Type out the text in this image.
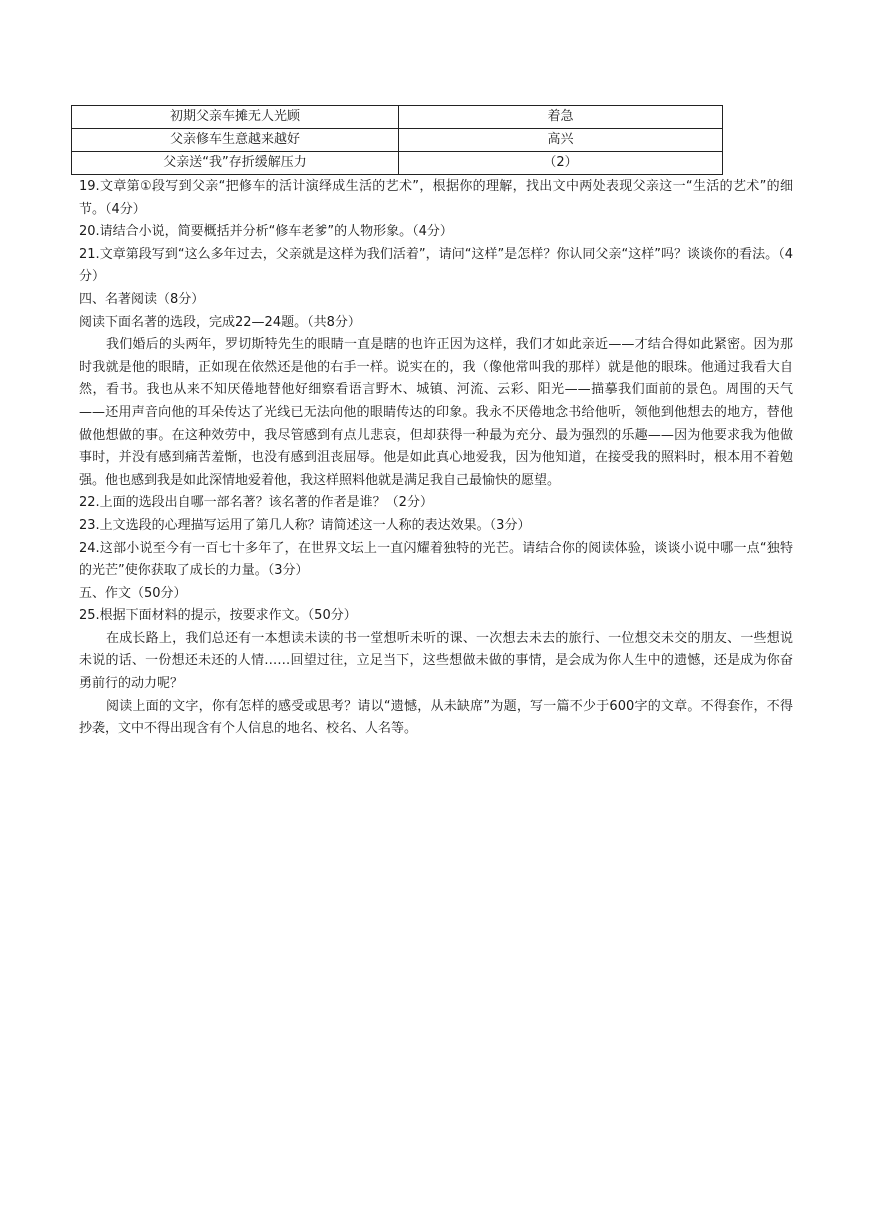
初期父亲车摊无人光顾	着急
父亲修车生意越来越好	高兴
父亲送“我”存折缓解压力	（2）

19.文章第①段写到父亲“把修车的活计演绎成生活的艺术”，根据你的理解，找出文中两处表现父亲这一“生活的艺术”的细节。（4分）

20.请结合小说，简要概括并分析“修车老爹”的人物形象。（4分）

21.文章第段写到“这么多年过去，父亲就是这样为我们活着”，请问“这样”是怎样？你认同父亲“这样”吗？谈谈你的看法。（4分）

四、名著阅读（8分）

阅读下面名著的选段，完成22—24题。（共8分）

我们婚后的头两年，罗切斯特先生的眼睛一直是瞎的也许正因为这样，我们才如此亲近——才结合得如此紧密。因为那时我就是他的眼睛，正如现在依然还是他的右手一样。说实在的，我（像他常叫我的那样）就是他的眼珠。他通过我看大自然，看书。我也从来不知厌倦地替他好细察看语言野木、城镇、河流、云彩、阳光——描摹我们面前的景色。周围的天气——还用声音向他的耳朵传达了光线已无法向他的眼睛传达的印象。我永不厌倦地念书给他听，领他到他想去的地方，替他做他想做的事。在这种效劳中，我尽管感到有点儿悲哀，但却获得一种最为充分、最为强烈的乐趣——因为他要求我为他做事时，并没有感到痛苦羞惭，也没有感到沮丧屈辱。他是如此真心地爱我，因为他知道，在接受我的照料时，根本用不着勉强。他也感到我是如此深情地爱着他，我这样照料他就是满足我自己最愉快的愿望。

22.上面的选段出自哪一部名著？该名著的作者是谁？（2分）

23.上文选段的心理描写运用了第几人称？请简述这一人称的表达效果。（3分）

24.这部小说至今有一百七十多年了，在世界文坛上一直闪耀着独特的光芒。请结合你的阅读体验，谈谈小说中哪一点“独特的光芒”使你获取了成长的力量。（3分）

五、作文（50分）

25.根据下面材料的提示，按要求作文。（50分）

在成长路上，我们总还有一本想读未读的书一堂想听未听的课、一次想去未去的旅行、一位想交未交的朋友、一些想说未说的话、一份想还未还的人情……回望过往，立足当下，这些想做未做的事情，是会成为你人生中的遗憾，还是成为你奋勇前行的动力呢？

阅读上面的文字，你有怎样的感受或思考？请以“遗憾，从未缺席”为题，写一篇不少于600字的文章。不得套作，不得抄袭，文中不得出现含有个人信息的地名、校名、人名等。
